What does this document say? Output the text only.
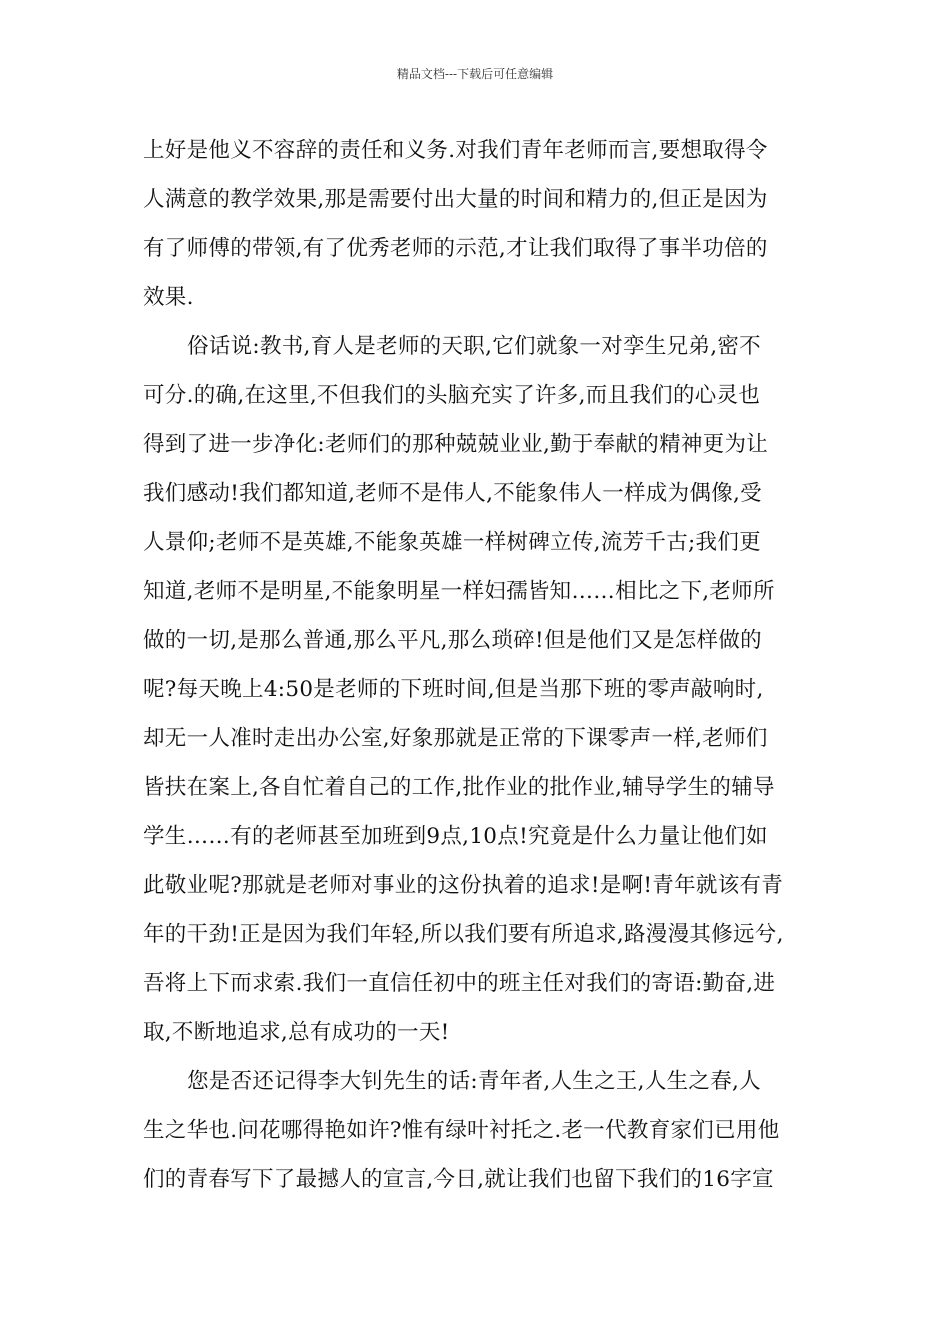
精品文档---下载后可任意编辑
上好是他义不容辞的责任和义务.对我们青年老师而言,要想取得令
人满意的教学效果,那是需要付出大量的时间和精力的,但正是因为
有了师傅的带领,有了优秀老师的示范,才让我们取得了事半功倍的
效果.
俗话说:教书,育人是老师的天职,它们就象一对孪生兄弟,密不
可分.的确,在这里,不但我们的头脑充实了许多,而且我们的心灵也
得到了进一步净化:老师们的那种兢兢业业,勤于奉献的精神更为让
我们感动!我们都知道,老师不是伟人,不能象伟人一样成为偶像,受
人景仰;老师不是英雄,不能象英雄一样树碑立传,流芳千古;我们更
知道,老师不是明星,不能象明星一样妇孺皆知……相比之下,老师所
做的一切,是那么普通,那么平凡,那么琐碎!但是他们又是怎样做的
呢?每天晚上4:50是老师的下班时间,但是当那下班的零声敲响时,
却无一人准时走出办公室,好象那就是正常的下课零声一样,老师们
皆扶在案上,各自忙着自己的工作,批作业的批作业,辅导学生的辅导
学生……有的老师甚至加班到9点,10点!究竟是什么力量让他们如
此敬业呢?那就是老师对事业的这份执着的追求!是啊!青年就该有青
年的干劲!正是因为我们年轻,所以我们要有所追求,路漫漫其修远兮,
吾将上下而求索.我们一直信任初中的班主任对我们的寄语:勤奋,进
取,不断地追求,总有成功的一天!
您是否还记得李大钊先生的话:青年者,人生之王,人生之春,人
生之华也.问花哪得艳如许?惟有绿叶衬托之.老一代教育家们已用他
们的青春写下了最撼人的宣言,今日,就让我们也留下我们的16字宣
